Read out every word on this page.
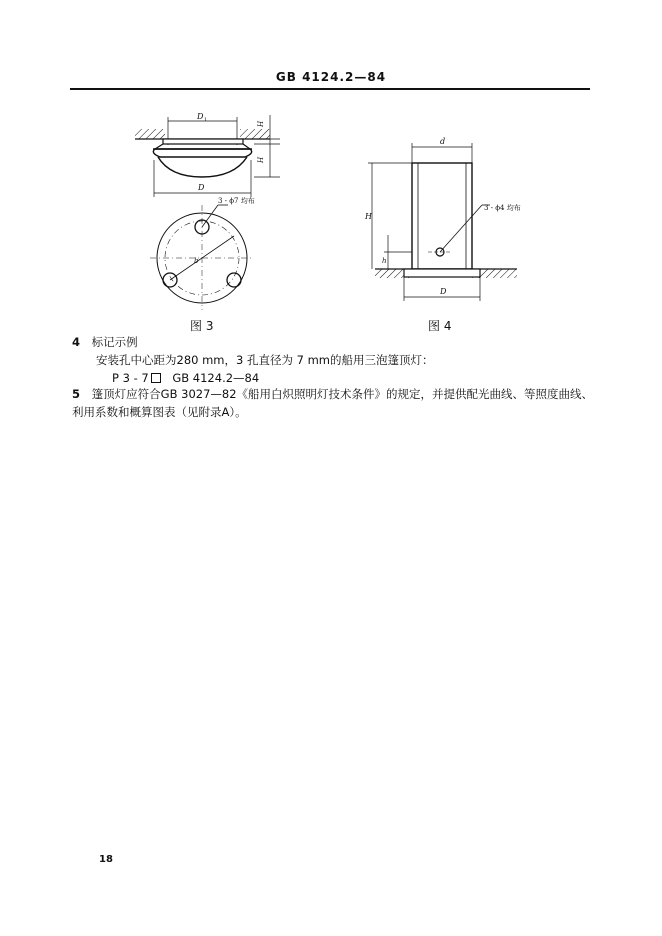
GB 4124.2—84
D 1
D
H
H
3 - ϕ7 均布
b
d
3 - ϕ4 均布
D
H
h
图 3	图 4
4 标记示例
安装孔中心距为280 mm，3 孔直径为 7 mm的船用三泡篷顶灯：
P 3 - 7 GB 4124.2—84
5 篷顶灯应符合GB 3027—82《船用白炽照明灯技术条件》的规定，并提供配光曲线、等照度曲线、
利用系数和概算图表（见附录A）。
18
